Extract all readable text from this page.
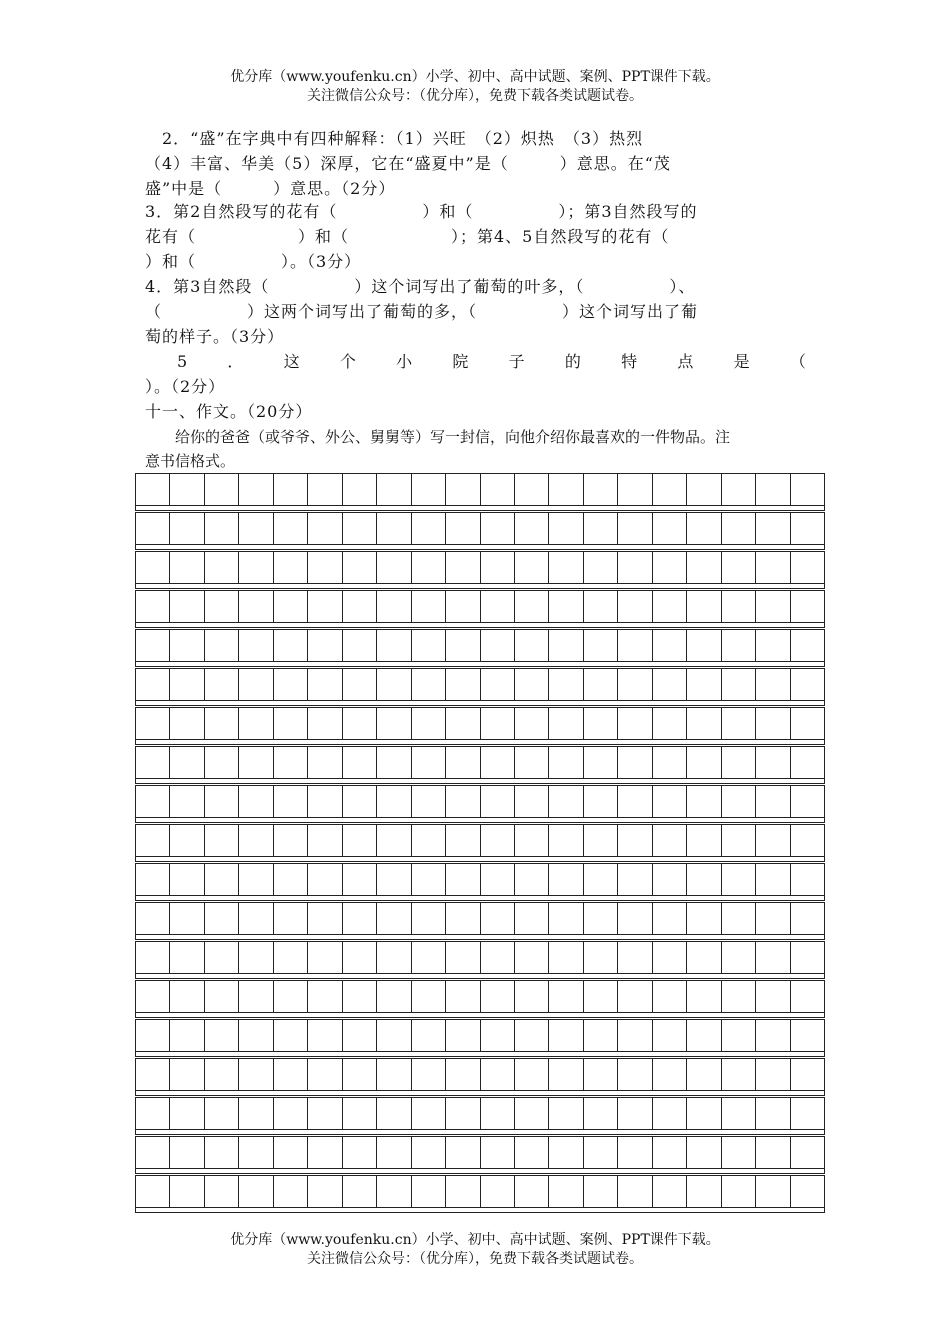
优分库（www.youfenku.cn）小学、初中、高中试题、案例、PPT课件下载。
关注微信公众号：（优分库），免费下载各类试题试卷。
　2．“盛”在字典中有四种解释：（1）兴旺　（2）炽热　（3）热烈
（4）丰富、华美（5）深厚，它在“盛夏中”是（　　　）意思。在“茂
盛”中是（　　　）意思。（2分）
3．第2自然段写的花有（　　　　　）和（　　　　　）；第3自然段写的
花有（　　　　　　）和（　　　　　　）；第4、5自然段写的花有（
）和（　　　　　）。（3分）
4．第3自然段（　　　　　）这个词写出了葡萄的叶多，（　　　　　）、
（　　　　　）这两个词写出了葡萄的多，（　　　　　）这个词写出了葡
萄的样子。（3分）
5 ． 这 个 小 院 子 的 特 点 是 （
）。（2分）
十一、作文。（20分）
　　给你的爸爸（或爷爷、外公、舅舅等）写一封信，向他介绍你最喜欢的一件物品。注
意书信格式。
优分库（www.youfenku.cn）小学、初中、高中试题、案例、PPT课件下载。
关注微信公众号：（优分库），免费下载各类试题试卷。
